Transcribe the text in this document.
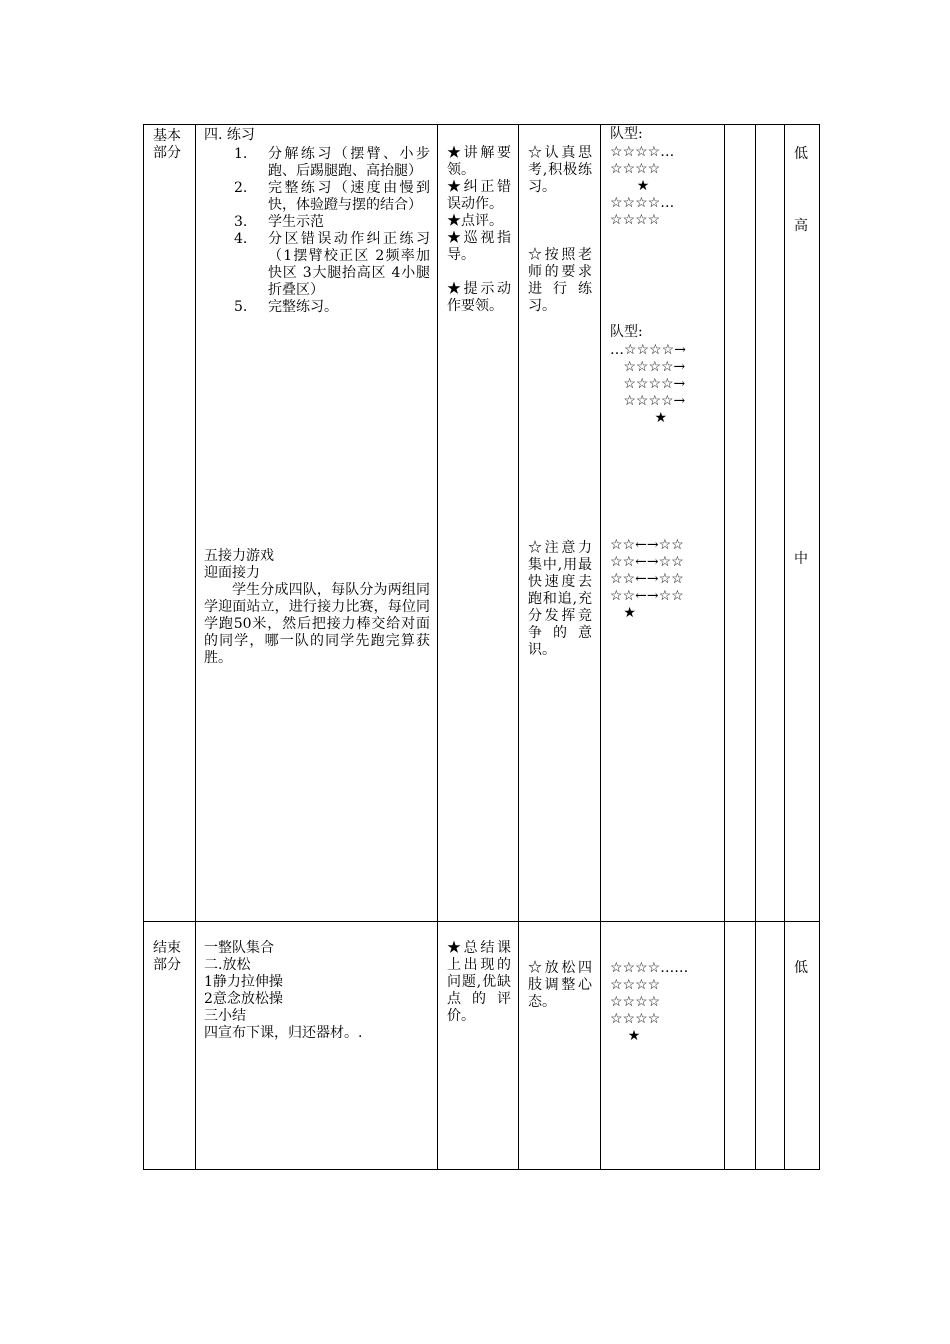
基本
部分
四. 练习
1. 分解练习（摆臂、小步跑、后踢腿跑、高抬腿）
2. 完整练习（速度由慢到快，体验蹬与摆的结合）
3. 学生示范
4. 分区错误动作纠正练习（1摆臂校正区 2频率加快区 3大腿抬高区 4小腿折叠区）
5. 完整练习。
五接力游戏
迎面接力
学生分成四队，每队分为两组同学迎面站立，进行接力比赛，每位同学跑50米，然后把接力棒交给对面的同学，哪一队的同学先跑完算获胜。
★讲解要领。
★纠正错误动作。
★点评。
★巡视指导。

★提示动作要领。
☆认真思考,积极练习。
☆按照老师的要求进行练习。
☆注意力集中,用最快速度去跑和追,充分发挥竞争的意识。
队型:
☆☆☆☆…
☆☆☆☆
★
☆☆☆☆…
☆☆☆☆
队型:
…☆☆☆☆→
☆☆☆☆→
☆☆☆☆→
☆☆☆☆→
★
☆☆←→☆☆
☆☆←→☆☆
☆☆←→☆☆
☆☆←→☆☆
★
低
高
中
结束
部分
一整队集合
二.放松
1静力拉伸操
2意念放松操
三小结
四宣布下课，归还器材。.
★总结课上出现的问题,优缺点的评价。
☆放松四肢调整心态。
☆☆☆☆……
☆☆☆☆
☆☆☆☆
☆☆☆☆
★
低
